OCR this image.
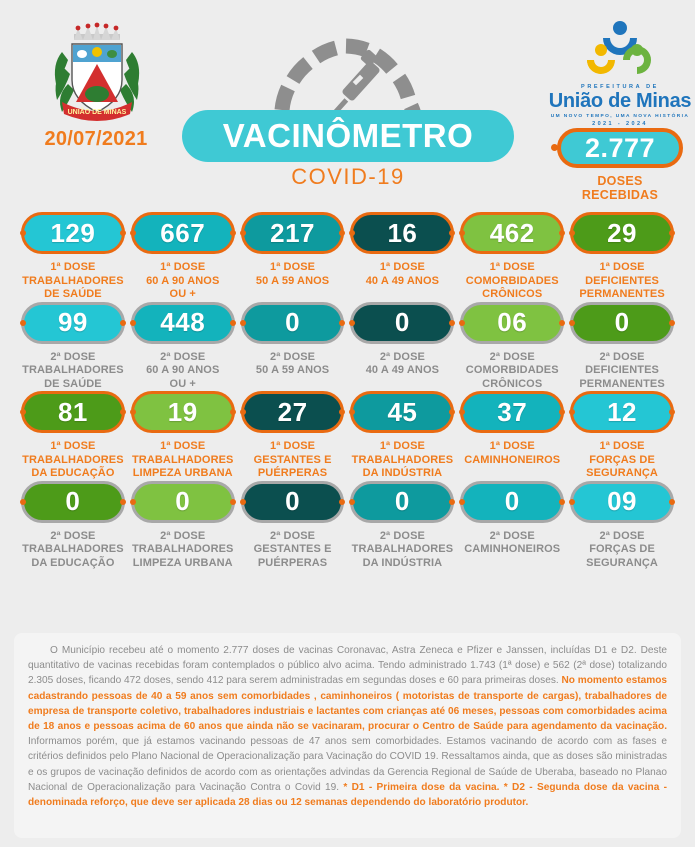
UNIÃO DE MINAS
20/07/2021	VACINÔMETRO
COVID-19
PREFEITURA DE
União de Minas
UM NOVO TEMPO, UMA NOVA HISTÓRIA
2021 - 2024
2.777
DOSES
RECEBIDAS
129
1ª DOSE
TRABALHADORES
DE SAÚDE
667
1ª DOSE
60 A 90 ANOS
OU +
217
1ª DOSE
50 A 59 ANOS
16
1ª DOSE
40 A 49 ANOS
462
1ª DOSE
COMORBIDADES
CRÔNICOS
29
1ª DOSE
DEFICIENTES
PERMANENTES
99
2ª DOSE
TRABALHADORES
DE SAÚDE
448
2ª DOSE
60 A 90 ANOS
OU +
0
2ª DOSE
50 A 59 ANOS
0
2ª DOSE
40 A 49 ANOS
06
2ª DOSE
COMORBIDADES
CRÔNICOS
0
2ª DOSE
DEFICIENTES
PERMANENTES
81
1ª DOSE
TRABALHADORES
DA EDUCAÇÃO
19
1ª DOSE
TRABALHADORES
LIMPEZA URBANA
27
1ª DOSE
GESTANTES E
PUÉRPERAS
45
1ª DOSE
TRABALHADORES
DA INDÚSTRIA
37
1ª DOSE
CAMINHONEIROS
12
1ª DOSE
FORÇAS DE
SEGURANÇA
0
2ª DOSE
TRABALHADORES
DA EDUCAÇÃO
0
2ª DOSE
TRABALHADORES
LIMPEZA URBANA
0
2ª DOSE
GESTANTES E
PUÉRPERAS
0
2ª DOSE
TRABALHADORES
DA INDÚSTRIA
0
2ª DOSE
CAMINHONEIROS
09
2ª DOSE
FORÇAS DE
SEGURANÇA

O Município recebeu até o momento 2.777 doses de vacinas Coronavac, Astra Zeneca e Pfizer e Janssen, incluídas D1 e D2. Deste quantitativo de vacinas recebidas foram contemplados o público alvo acima. Tendo administrado 1.743 (1ª dose) e 562 (2ª dose) totalizando 2.305 doses, ficando 472 doses, sendo 412 para serem administradas em segundas doses e 60 para primeiras doses. No momento estamos cadastrando pessoas de 40 a 59 anos sem comorbidades , caminhoneiros ( motoristas de transporte de cargas), trabalhadores de empresa de transporte coletivo, trabalhadores industriais e lactantes com crianças até 06 meses, pessoas com comorbidades acima de 18 anos e pessoas acima de 60 anos que ainda não se vacinaram, procurar o Centro de Saúde para agendamento da vacinação. Informamos porém, que já estamos vacinando pessoas de 47 anos sem comorbidades. Estamos vacinando de acordo com as fases e critérios definidos pelo Plano Nacional de Operacionalização para Vacinação do COVID 19. Ressaltamos ainda, que as doses são ministradas e os grupos de vacinação definidos de acordo com as orientações advindas da Gerencia Regional de Saúde de Uberaba, baseado no Planao Nacional de Operacionalização para Vacinação Contra o Covid 19. * D1 - Primeira dose da vacina. * D2 - Segunda dose da vacina - denominada reforço, que deve ser aplicada 28 dias ou 12 semanas dependendo do laboratório produtor.
